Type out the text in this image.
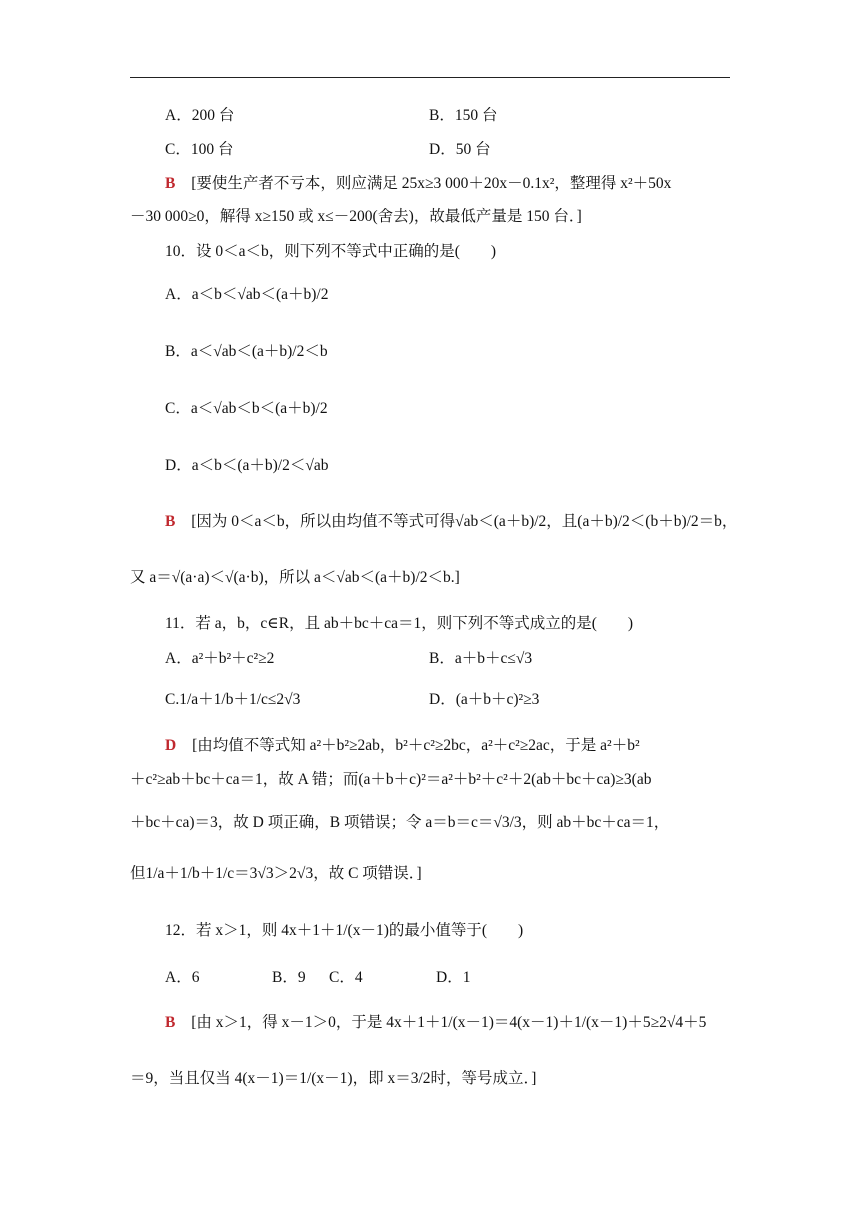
A．200 台	B．150 台
C．100 台	D．50 台
B [要使生产者不亏本，则应满足 25x≥3 000＋20x－0.1x²，整理得 x²＋50x
－30 000≥0，解得 x≥150 或 x≤－200(舍去)，故最低产量是 150 台．]
10．设 0＜a＜b，则下列不等式中正确的是(　　)
A．a＜b＜√ab＜(a＋b)/2
B．a＜√ab＜(a＋b)/2＜b
C．a＜√ab＜b＜(a＋b)/2
D．a＜b＜(a＋b)/2＜√ab
B [因为 0＜a＜b，所以由均值不等式可得√ab＜(a＋b)/2，且(a＋b)/2＜(b＋b)/2＝b，
又 a＝√(a·a)＜√(a·b)，所以 a＜√ab＜(a＋b)/2＜b.]
11．若 a，b，c∈R，且 ab＋bc＋ca＝1，则下列不等式成立的是(　　)
A．a²＋b²＋c²≥2	B．a＋b＋c≤√3
C.1/a＋1/b＋1/c≤2√3	D．(a＋b＋c)²≥3
D [由均值不等式知 a²＋b²≥2ab，b²＋c²≥2bc，a²＋c²≥2ac，于是 a²＋b²
＋c²≥ab＋bc＋ca＝1，故 A 错；而(a＋b＋c)²＝a²＋b²＋c²＋2(ab＋bc＋ca)≥3(ab
＋bc＋ca)＝3，故 D 项正确，B 项错误；令 a＝b＝c＝√3/3，则 ab＋bc＋ca＝1，
但1/a＋1/b＋1/c＝3√3＞2√3，故 C 项错误．]
12．若 x＞1，则 4x＋1＋1/(x－1)的最小值等于(　　)
A．6	B．9 C．4	D．1
B [由 x＞1，得 x－1＞0，于是 4x＋1＋1/(x－1)＝4(x－1)＋1/(x－1)＋5≥2√4＋5
＝9，当且仅当 4(x－1)＝1/(x－1)，即 x＝3/2时，等号成立．]
